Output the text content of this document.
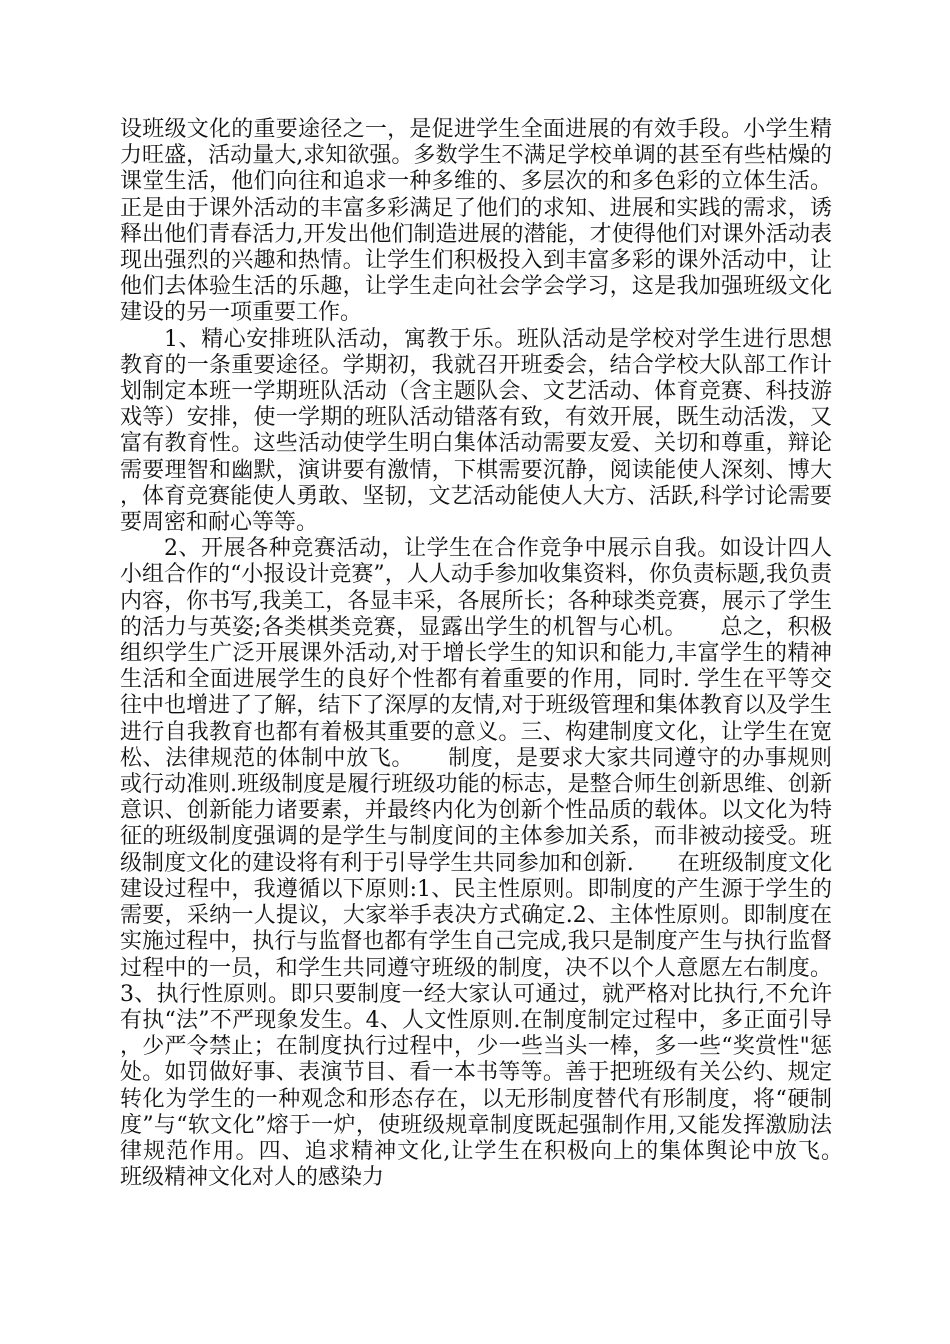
设班级文化的重要途径之一，是促进学生全面进展的有效手段。小学生精力旺盛，活动量大,求知欲强。多数学生不满足学校单调的甚至有些枯燥的课堂生活，他们向往和追求一种多维的、多层次的和多色彩的立体生活。正是由于课外活动的丰富多彩满足了他们的求知、进展和实践的需求，诱释出他们青春活力,开发出他们制造进展的潜能，才使得他们对课外活动表现出强烈的兴趣和热情。让学生们积极投入到丰富多彩的课外活动中，让他们去体验生活的乐趣，让学生走向社会学会学习，这是我加强班级文化建设的另一项重要工作。

1、精心安排班队活动，寓教于乐。班队活动是学校对学生进行思想教育的一条重要途径。学期初，我就召开班委会，结合学校大队部工作计划制定本班一学期班队活动（含主题队会、文艺活动、体育竞赛、科技游戏等）安排，使一学期的班队活动错落有致，有效开展，既生动活泼，又富有教育性。这些活动使学生明白集体活动需要友爱、关切和尊重，辩论需要理智和幽默，演讲要有激情，下棋需要沉静，阅读能使人深刻、博大，体育竞赛能使人勇敢、坚韧，文艺活动能使人大方、活跃,科学讨论需要要周密和耐心等等。

2、开展各种竞赛活动，让学生在合作竞争中展示自我。如设计四人小组合作的“小报设计竞赛”，人人动手参加收集资料，你负责标题,我负责内容，你书写,我美工，各显丰采，各展所长；各种球类竞赛，展示了学生的活力与英姿;各类棋类竞赛，显露出学生的机智与心机。　　总之，积极组织学生广泛开展课外活动,对于增长学生的知识和能力,丰富学生的精神生活和全面进展学生的良好个性都有着重要的作用，同时. 学生在平等交往中也增进了了解，结下了深厚的友情,对于班级管理和集体教育以及学生进行自我教育也都有着极其重要的意义。三、构建制度文化，让学生在宽松、法律规范的体制中放飞。　　制度，是要求大家共同遵守的办事规则或行动准则.班级制度是履行班级功能的标志，是整合师生创新思维、创新意识、创新能力诸要素，并最终内化为创新个性品质的载体。以文化为特征的班级制度强调的是学生与制度间的主体参加关系，而非被动接受。班级制度文化的建设将有利于引导学生共同参加和创新.　　在班级制度文化建设过程中，我遵循以下原则:1、民主性原则。即制度的产生源于学生的需要，采纳一人提议，大家举手表决方式确定.2、主体性原则。即制度在实施过程中，执行与监督也都有学生自己完成,我只是制度产生与执行监督过程中的一员，和学生共同遵守班级的制度，决不以个人意愿左右制度。3、执行性原则。即只要制度一经大家认可通过，就严格对比执行,不允许有执“法”不严现象发生。4、人文性原则.在制度制定过程中，多正面引导，少严令禁止；在制度执行过程中，少一些当头一棒，多一些“奖赏性"惩处。如罚做好事、表演节目、看一本书等等。善于把班级有关公约、规定转化为学生的一种观念和形态存在，以无形制度替代有形制度，将“硬制度”与“软文化”熔于一炉，使班级规章制度既起强制作用,又能发挥激励法律规范作用。四、追求精神文化,让学生在积极向上的集体舆论中放飞。　　班级精神文化对人的感染力
